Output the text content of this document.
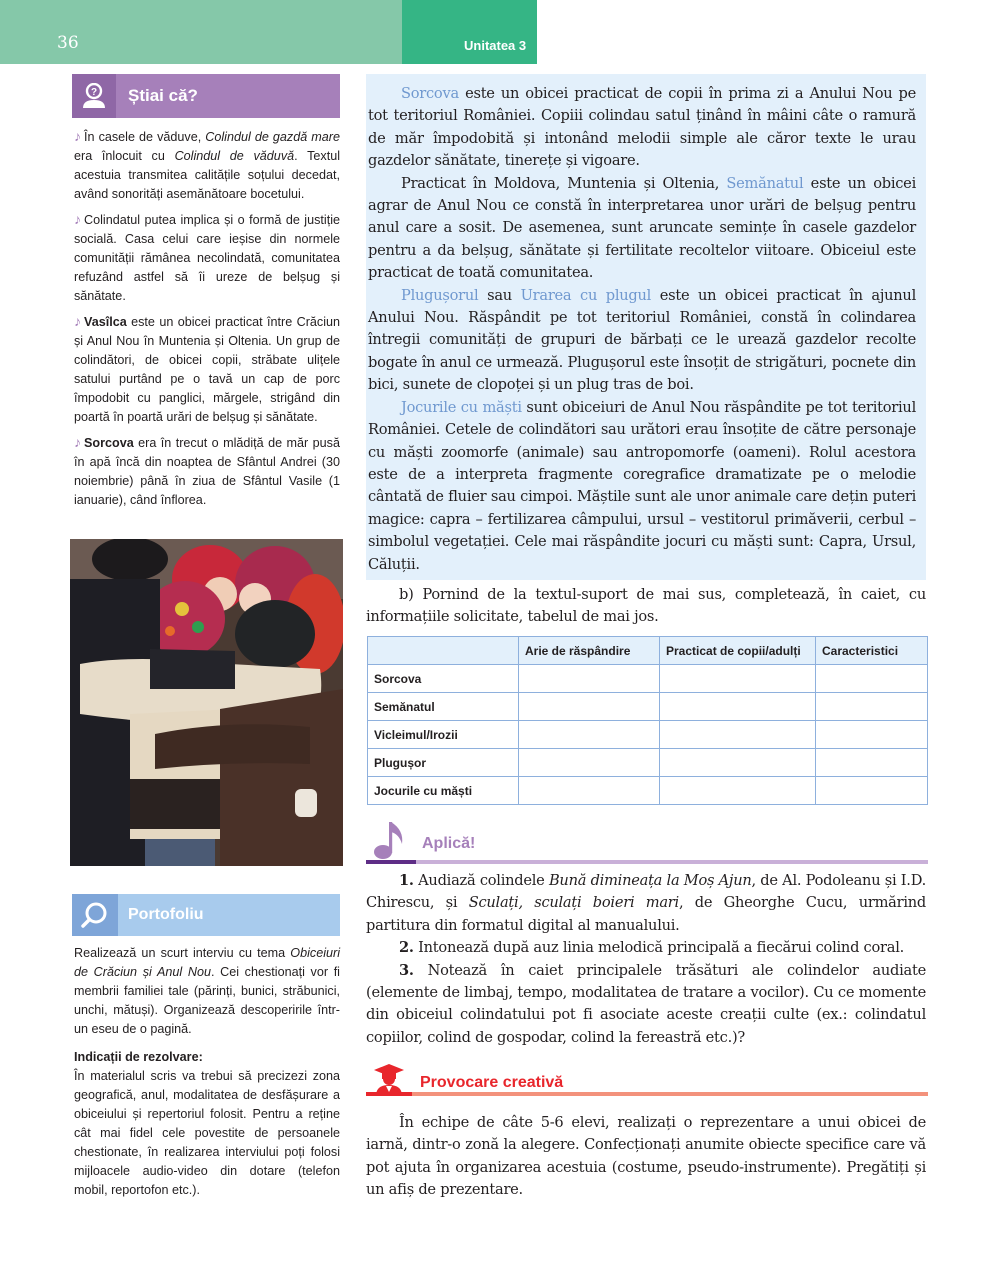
36	Unitatea 3
? Știai că?

♪ În casele de văduve, Colindul de gazdă mare era înlocuit cu Colindul de văduvă. Textul acestuia transmitea calitățile soțului decedat, având sonorități asemănătoare bocetului.

♪ Colindatul putea implica și o formă de justiție socială. Casa celui care ieșise din normele comunității rămânea necolindată, comunitatea refuzând astfel să îi ureze de belșug și sănătate.

♪ Vasîlca este un obicei practicat între Crăciun și Anul Nou în Muntenia și Oltenia. Un grup de colindători, de obicei copii, străbate ulițele satului purtând pe o tavă un cap de porc împodobit cu panglici, mărgele, strigând din poartă în poartă urări de belșug și sănătate.

♪ Sorcova era în trecut o mlădiță de măr pusă în apă încă din noaptea de Sfântul Andrei (30 noiembrie) până în ziua de Sfântul Vasile (1 ianuarie), când înflorea.

Portofoliu

Realizează un scurt interviu cu tema Obiceiuri de Crăciun și Anul Nou. Cei chestionați vor fi membrii familiei tale (părinți, bunici, străbunici, unchi, mătuși). Organizează descoperirile într-un eseu de o pagină.

Indicații de rezolvare:

În materialul scris va trebui să precizezi zona geografică, anul, modalitatea de desfășurare a obiceiului și repertoriul folosit. Pentru a reține cât mai fidel cele povestite de persoanele chestionate, în realizarea interviului poți folosi mijloacele audio-video din dotare (telefon mobil, reportofon etc.).

Sorcova este un obicei practicat de copii în prima zi a Anului Nou pe tot teritoriul României. Copiii colindau satul ținând în mâini câte o ramură de măr împodobită și intonând melodii simple ale căror texte le urau gazdelor sănătate, tinerețe și vigoare.

Practicat în Moldova, Muntenia și Oltenia, Semănatul este un obicei agrar de Anul Nou ce constă în interpretarea unor urări de belșug pentru anul care a sosit. De asemenea, sunt aruncate semințe în casele gazdelor pentru a da belșug, sănătate și fertilitate recoltelor viitoare. Obiceiul este practicat de toată comunitatea.

Plugușorul sau Urarea cu plugul este un obicei practicat în ajunul Anului Nou. Răspândit pe tot teritoriul României, constă în colindarea întregii comunități de grupuri de bărbați ce le urează gazdelor recolte bogate în anul ce urmează. Plugușorul este însoțit de strigături, pocnete din bici, sunete de clopoței și un plug tras de boi.

Jocurile cu măști sunt obiceiuri de Anul Nou răspândite pe tot teritoriul României. Cetele de colindători sau urători erau însoțite de către personaje cu măști zoomorfe (animale) sau antropomorfe (oameni). Rolul acestora este de a interpreta fragmente coregrafice dramatizate pe o melodie cântată de fluier sau cimpoi. Măștile sunt ale unor animale care dețin puteri magice: capra – fertilizarea câmpului, ursul – vestitorul primăverii, cerbul – simbolul vegetației. Cele mai răspândite jocuri cu măști sunt: Capra, Ursul, Căluții.

b) Pornind de la textul-suport de mai sus, completează, în caiet, cu informațiile solicitate, tabelul de mai jos.

	Arie de răspândire	Practicat de copii/adulți	Caracteristici
Sorcova			
Semănatul			
Vicleimul/Irozii			
Plugușor			
Jocurile cu măști			
Aplică!

1. Audiază colindele Bună dimineața la Moș Ajun, de Al. Podoleanu și I.D. Chirescu, și Sculați, sculați boieri mari, de Gheorghe Cucu, urmărind partitura din formatul digital al manualului.

2. Intonează după auz linia melodică principală a fiecărui colind coral.

3. Notează în caiet principalele trăsături ale colindelor audiate (elemente de limbaj, tempo, modalitatea de tratare a vocilor). Cu ce momente din obiceiul colindatului pot fi asociate aceste creații culte (ex.: colindatul copiilor, colind de gospodar, colind la fereastră etc.)?

Provocare creativă

În echipe de câte 5-6 elevi, realizați o reprezentare a unui obicei de iarnă, dintr-o zonă la alegere. Confecționați anumite obiecte specifice care vă pot ajuta în organizarea acestuia (costume, pseudo-instrumente). Pregătiți și un afiș de prezentare.
